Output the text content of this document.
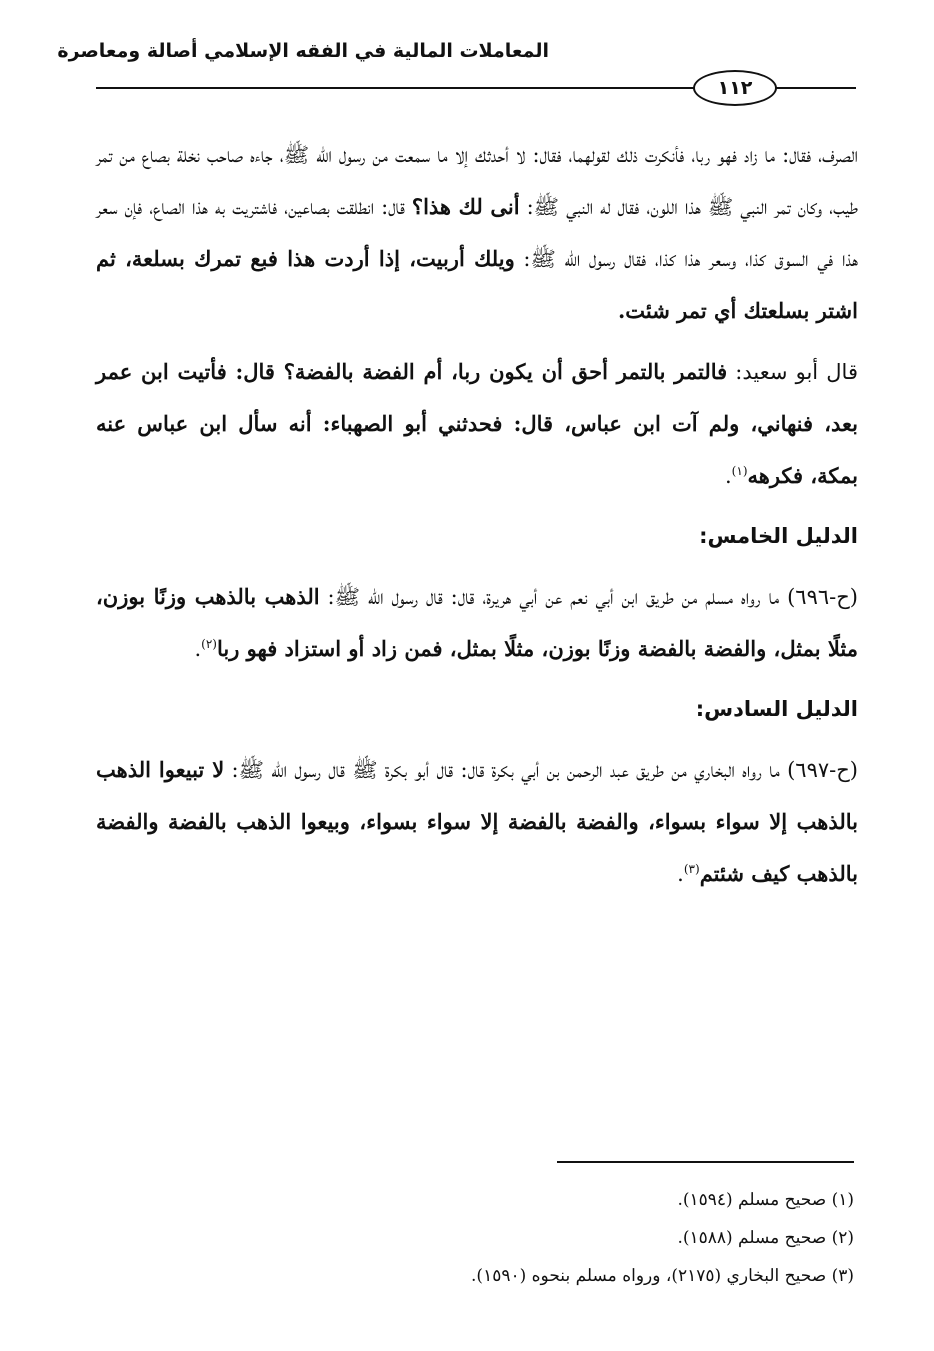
المعاملات المالية في الفقه الإسلامي أصالة ومعاصرة
١١٢

الصرف، فقال: ما زاد فهو ربا، فأنكرت ذلك لقولهما، فقال: لا أحدثك إلا ما سمعت من رسول الله ﷺ، جاءه صاحب نخلة بصاع من تمر طيب، وكان تمر النبي ﷺ هذا اللون، فقال له النبي ﷺ: أنى لك هذا؟ قال: انطلقت بصاعين، فاشتريت به هذا الصاع، فإن سعر هذا في السوق كذا، وسعر هذا كذا، فقال رسول الله ﷺ: ويلك أربيت، إذا أردت هذا فبع تمرك بسلعة، ثم اشتر بسلعتك أي تمر شئت.

قال أبو سعيد: فالتمر بالتمر أحق أن يكون ربا، أم الفضة بالفضة؟ قال: فأتيت ابن عمر بعد، فنهاني، ولم آت ابن عباس، قال: فحدثني أبو الصهباء: أنه سأل ابن عباس عنه بمكة، فكرهه$^{(١)}$.

الدليل الخامس:

(ح-٦٩٦) ما رواه مسلم من طريق ابن أبي نعم عن أبي هريرة، قال: قال رسول الله ﷺ: الذهب بالذهب وزنًا بوزن، مثلًا بمثل، والفضة بالفضة وزنًا بوزن، مثلًا بمثل، فمن زاد أو استزاد فهو ربا$^{(٢)}$.

الدليل السادس:

(ح-٦٩٧) ما رواه البخاري من طريق عبد الرحمن بن أبي بكرة قال: قال أبو بكرة ﷺ قال رسول الله ﷺ: لا تبيعوا الذهب بالذهب إلا سواء بسواء، والفضة بالفضة إلا سواء بسواء، وبيعوا الذهب بالفضة والفضة بالذهب كيف شئتم$^{(٣)}$.

(١) صحيح مسلم (١٥٩٤).

(٢) صحيح مسلم (١٥٨٨).

(٣) صحيح البخاري (٢١٧٥)، ورواه مسلم بنحوه (١٥٩٠).
